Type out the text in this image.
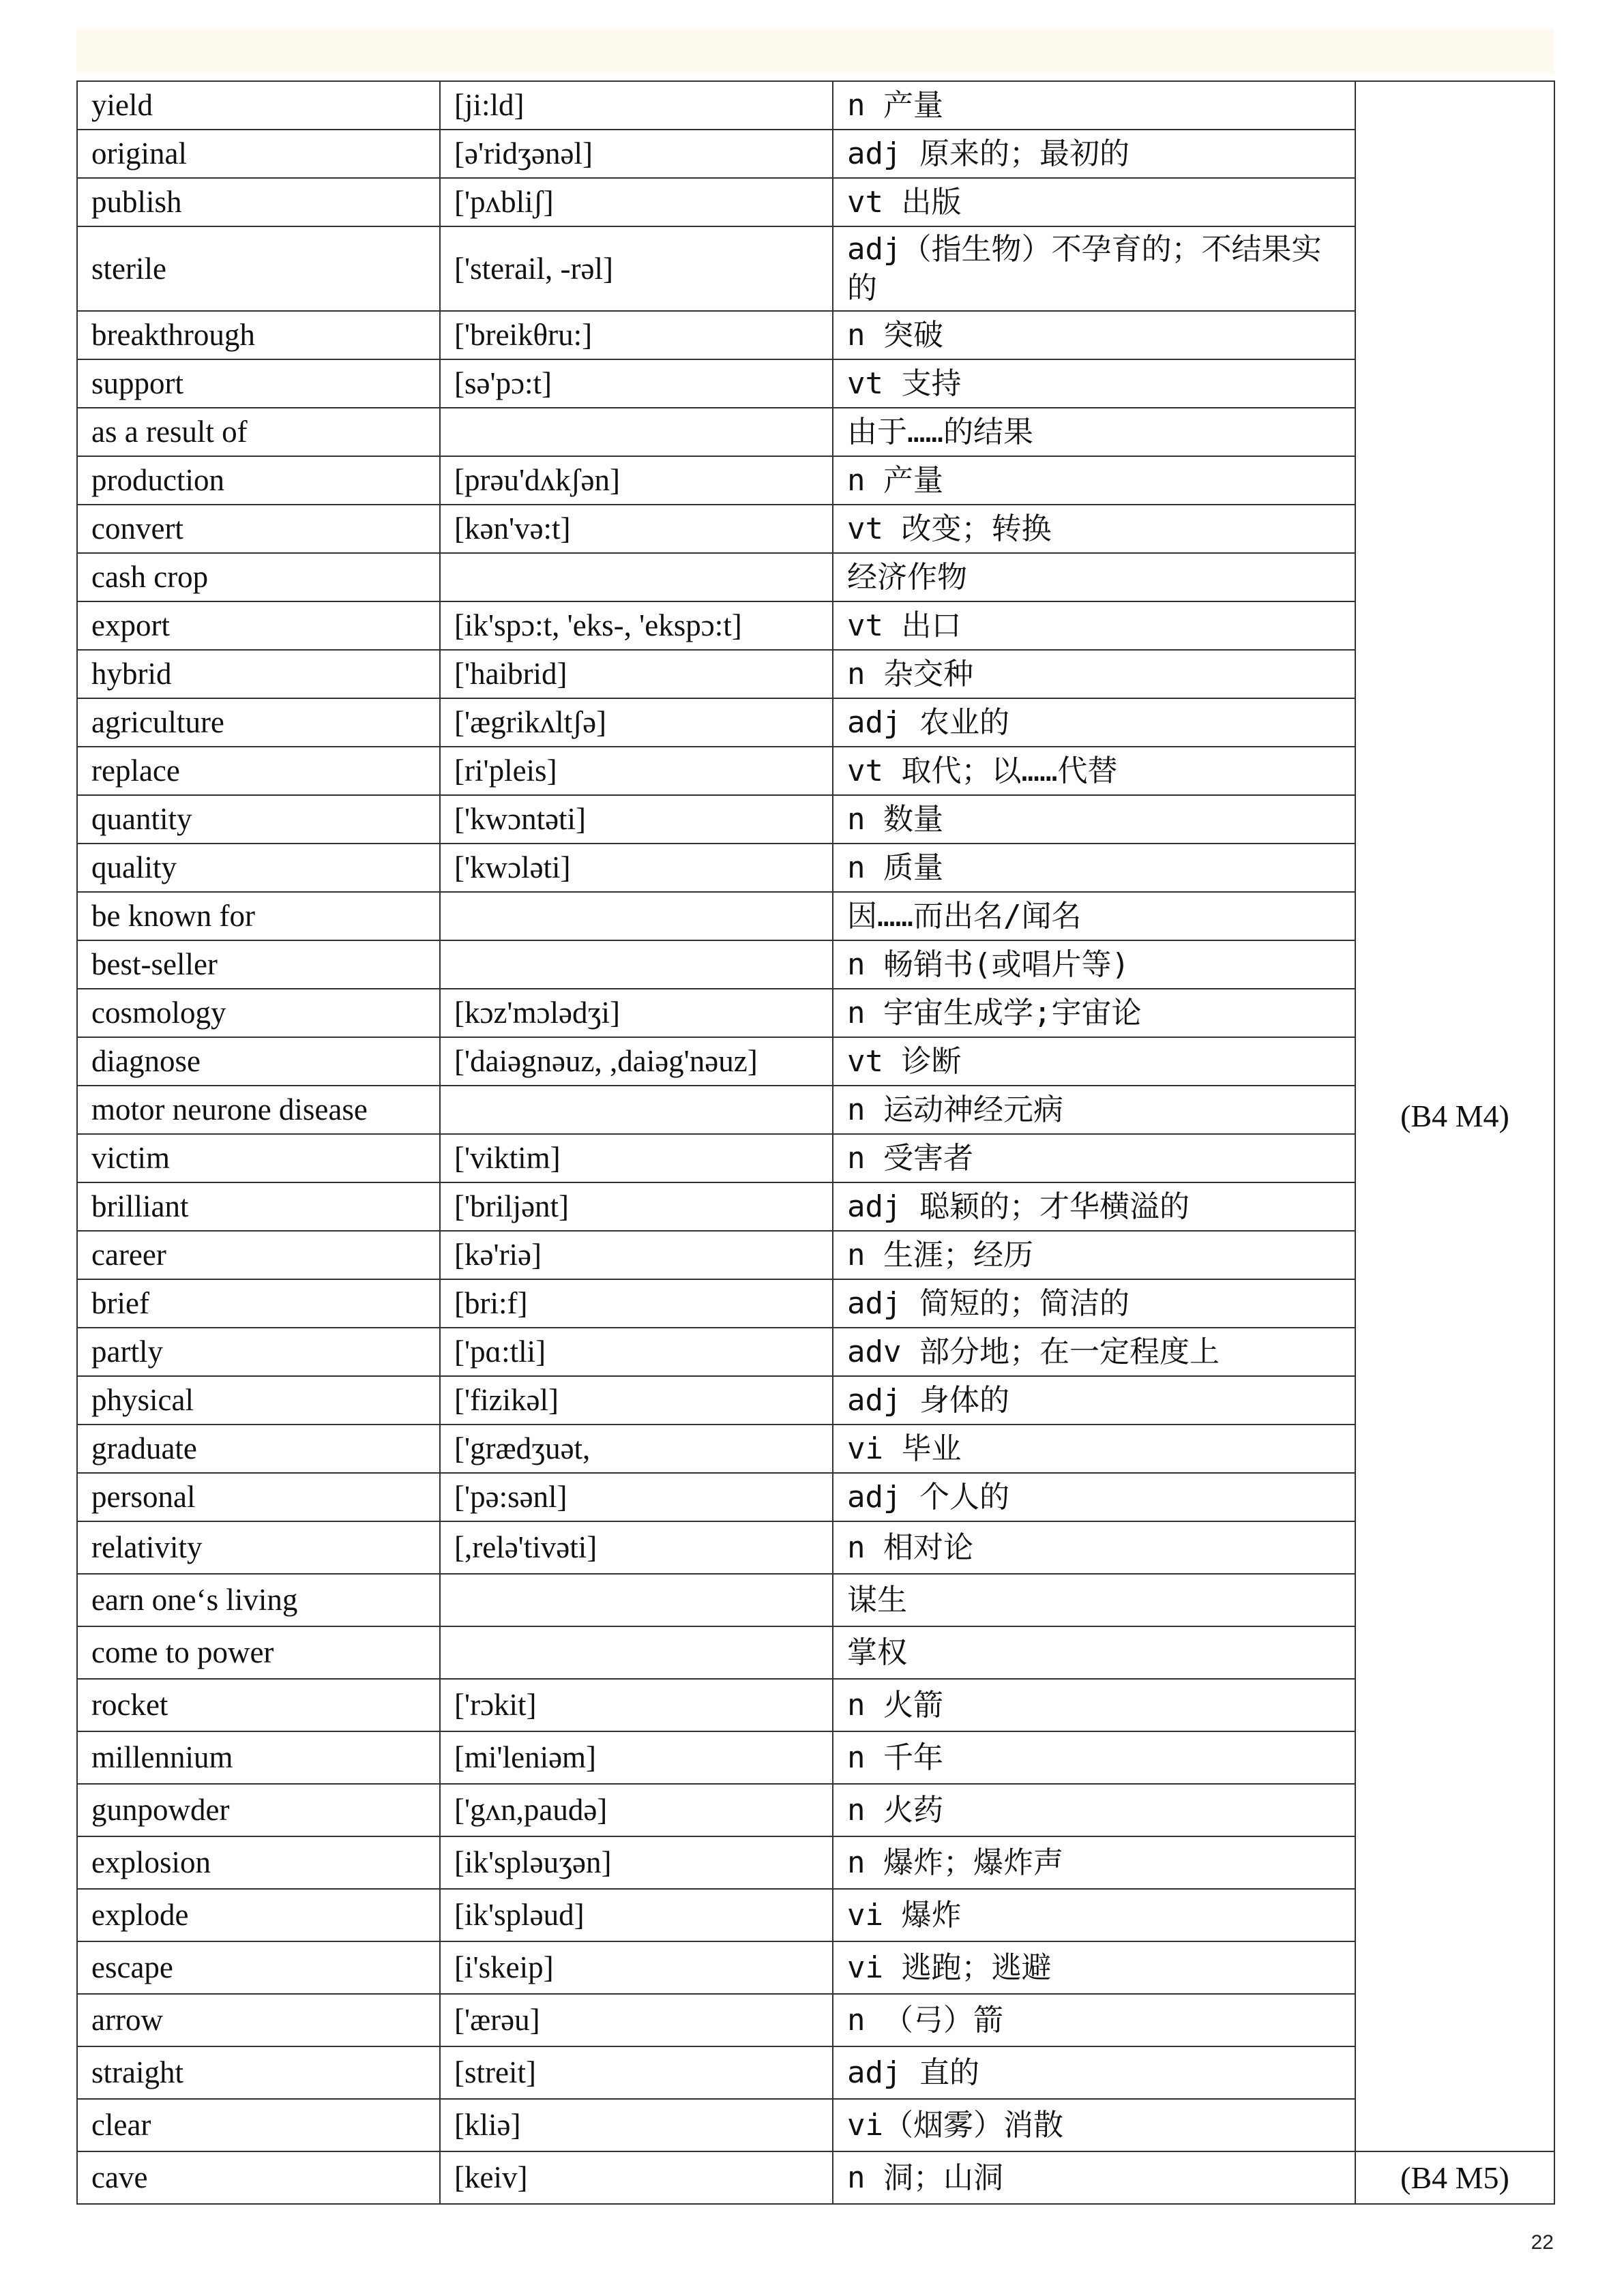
yield	[ji:ld]	n 产量	(B4 M4)
original	[ə'ridʒənəl]	adj 原来的；最初的	
publish	['pʌbliʃ]	vt 出版	
sterile	['sterail, -rəl]	adj（指生物）不孕育的；不结果实的	
breakthrough	['breikθru:]	n 突破	
support	[sə'pɔ:t]	vt 支持	
as a result of		由于……的结果	
production	[prəu'dʌkʃən]	n 产量	
convert	[kən'və:t]	vt 改变；转换	
cash crop		经济作物	
export	[ik'spɔ:t, 'eks-, 'ekspɔ:t]	vt 出口	
hybrid	['haibrid]	n 杂交种	
agriculture	['ægrikʌltʃə]	adj 农业的	
replace	[ri'pleis]	vt 取代；以……代替	
quantity	['kwɔntəti]	n 数量	
quality	['kwɔləti]	n 质量	
be known for		因……而出名/闻名	
best-seller		n 畅销书(或唱片等)	
cosmology	[kɔz'mɔlədʒi]	n 宇宙生成学;宇宙论	
diagnose	['daiəgnəuz, ,daiəg'nəuz]	vt 诊断	
motor neurone disease		n 运动神经元病	
victim	['viktim]	n 受害者	
brilliant	['briljənt]	adj 聪颖的；才华横溢的	
career	[kə'riə]	n 生涯；经历	
brief	[bri:f]	adj 简短的；简洁的	
partly	['pɑ:tli]	adv 部分地；在一定程度上	
physical	['fizikəl]	adj 身体的	
graduate	['grædʒuət,	vi 毕业	
personal	['pə:sənl]	adj 个人的	
relativity	[,relə'tivəti]	n 相对论	
earn one‘s living		谋生	
come to power		掌权	
rocket	['rɔkit]	n 火箭	
millennium	[mi'leniəm]	n 千年	
gunpowder	['gʌn,paudə]	n 火药	
explosion	[ik'spləuʒən]	n 爆炸；爆炸声	
explode	[ik'spləud]	vi 爆炸	
escape	[i'skeip]	vi 逃跑；逃避	
arrow	['ærəu]	n （弓）箭	
straight	[streit]	adj 直的	
clear	[kliə]	vi（烟雾）消散	
cave	[keiv]	n 洞；山洞	(B4 M5)
22
